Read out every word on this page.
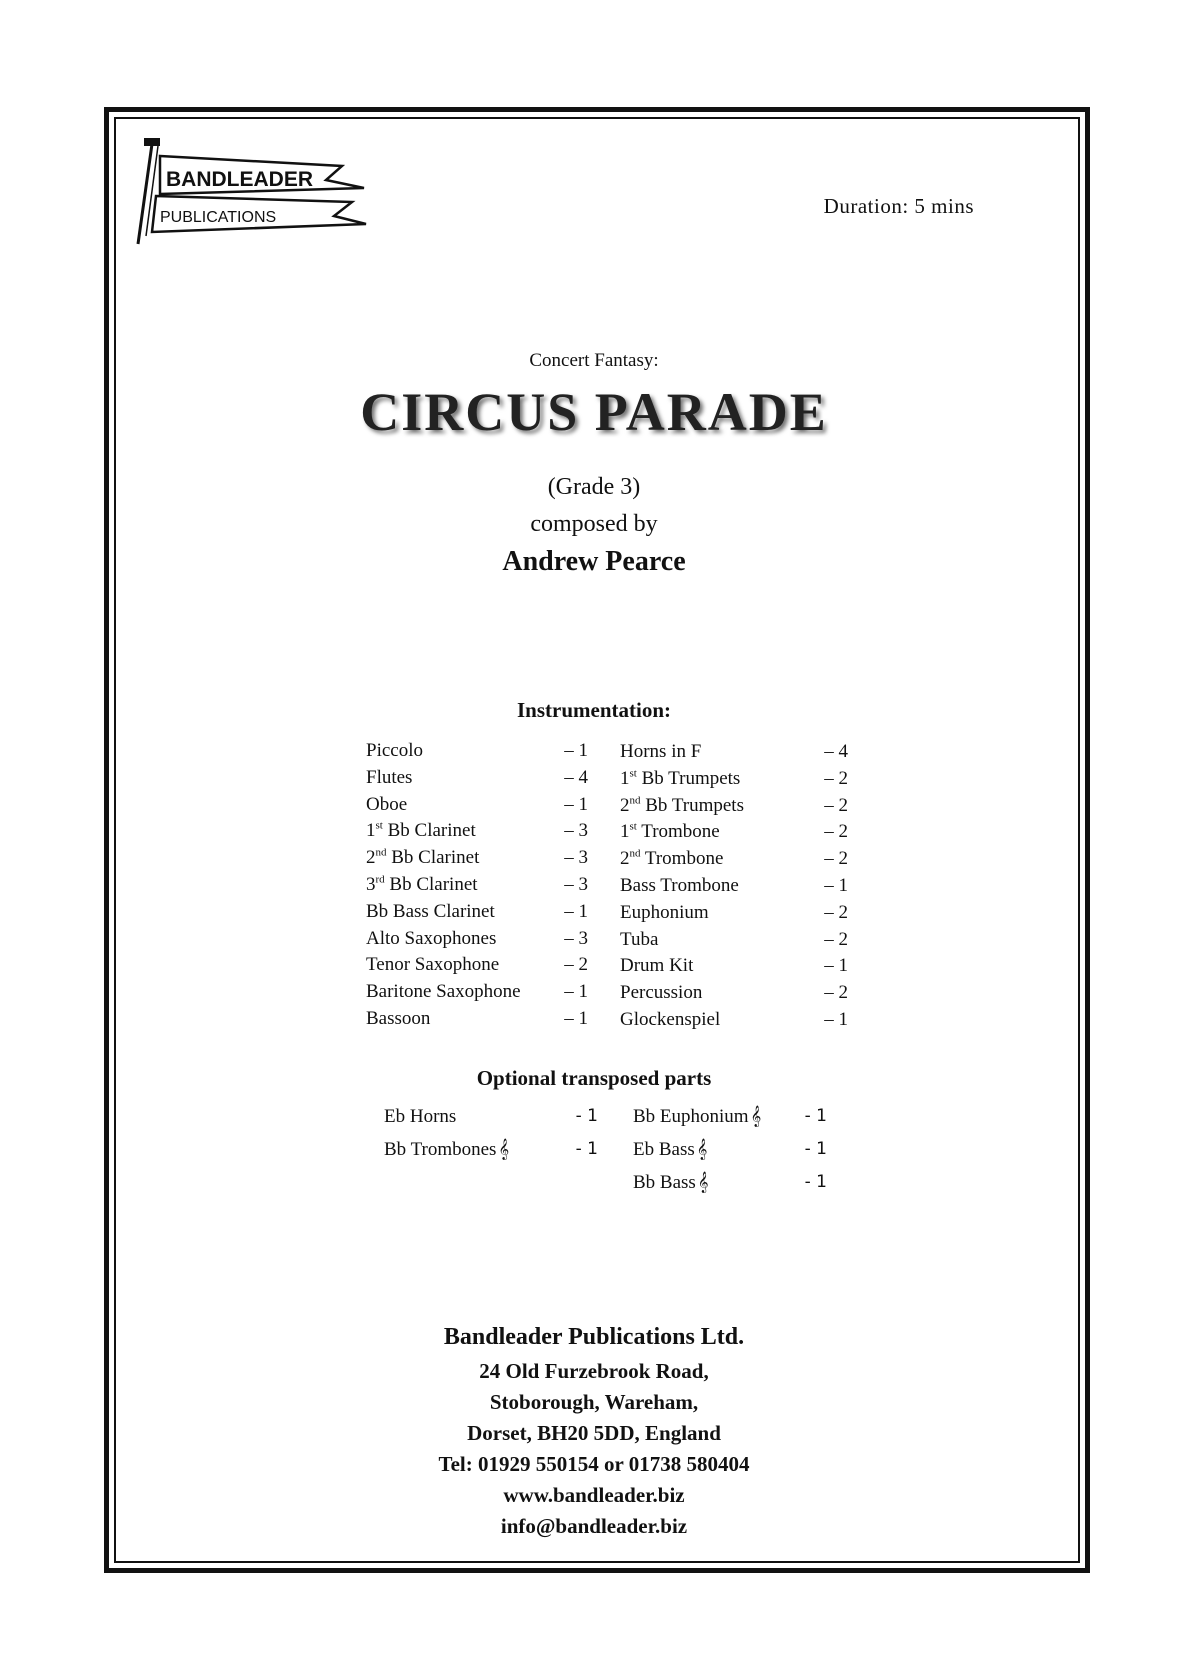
BANDLEADER
PUBLICATIONS	Duration: 5 mins
Concert Fantasy:
CIRCUS PARADE
(Grade 3)
composed by
Andrew Pearce
Instrumentation:
Piccolo	– 1
Flutes	– 4
Oboe	– 1
1st Bb Clarinet	– 3
2nd Bb Clarinet	– 3
3rd Bb Clarinet	– 3
Bb Bass Clarinet	– 1
Alto Saxophones	– 3
Tenor Saxophone	– 2
Baritone Saxophone – 1
Bassoon	– 1
Horns in F	– 4
1st Bb Trumpets	– 2
2nd Bb Trumpets	– 2
1st Trombone	– 2
2nd Trombone	– 2
Bass Trombone	– 1
Euphonium	– 2
Tuba	– 2
Drum Kit	– 1
Percussion	– 2
Glockenspiel	– 1
Optional transposed parts
Eb Horns	- 1
Bb Trombones 𝄞	- 1
Bb Euphonium 𝄞	- 1
Eb Bass 𝄞	- 1
Bb Bass 𝄞	- 1
Bandleader Publications Ltd.
24 Old Furzebrook Road,
Stoborough, Wareham,
Dorset, BH20 5DD, England
Tel: 01929 550154 or 01738 580404
www.bandleader.biz
info@bandleader.biz
